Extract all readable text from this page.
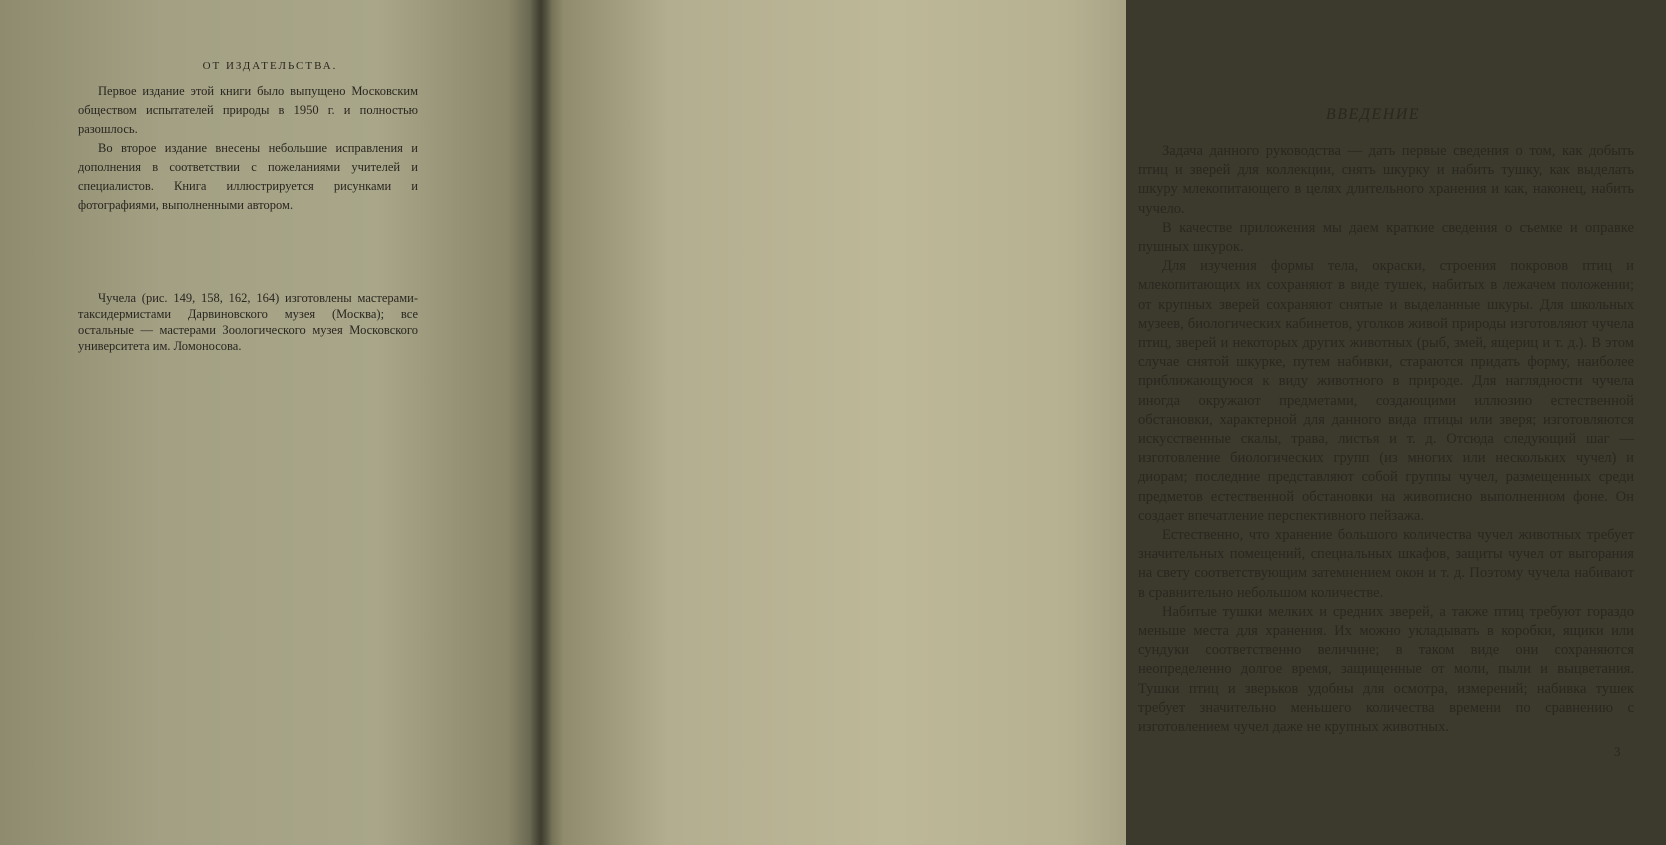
ОТ ИЗДАТЕЛЬСТВА.

Первое издание этой книги было выпущено Московским обществом испытателей природы в 1950 г. и полностью разошлось.

Во второе издание внесены небольшие исправления и дополнения в соответствии с пожеланиями учителей и специалистов. Книга иллюстрируется рисунками и фотографиями, выполненными автором.

Чучела (рис. 149, 158, 162, 164) изготовлены мастерами-таксидермистами Дарвиновского музея (Москва); все остальные — мастерами Зоологического музея Московского университета им. Ломоносова.

ВВЕДЕНИЕ

Задача данного руководства — дать первые сведения о том, как добыть птиц и зверей для коллекции, снять шкурку и набить тушку, как выделать шкуру млекопитающего в целях длительного хранения и как, наконец, набить чучело.

В качестве приложения мы даем краткие сведения о съемке и оправке пушных шкурок.

Для изучения формы тела, окраски, строения покровов птиц и млекопитающих их сохраняют в виде тушек, набитых в лежачем положении; от крупных зверей сохраняют снятые и выделанные шкуры. Для школьных музеев, биологических кабинетов, уголков живой природы изготовляют чучела птиц, зверей и некоторых других животных (рыб, змей, ящериц и т. д.). В этом случае снятой шкурке, путем набивки, стараются придать форму, наиболее приближающуюся к виду животного в природе. Для наглядности чучела иногда окружают предметами, создающими иллюзию естественной обстановки, характерной для данного вида птицы или зверя; изготовляются искусственные скалы, трава, листья и т. д. Отсюда следующий шаг — изготовление биологических групп (из многих или нескольких чучел) и диорам; последние представляют собой группы чучел, размещенных среди предметов естественной обстановки на живописно выполненном фоне. Он создает впечатление перспективного пейзажа.

Естественно, что хранение большого количества чучел животных требует значительных помещений, специальных шкафов, защиты чучел от выгорания на свету соответствующим затемнением окон и т. д. Поэтому чучела набивают в сравнительно небольшом количестве.

Набитые тушки мелких и средних зверей, а также птиц требуют гораздо меньше места для хранения. Их можно укладывать в коробки, ящики или сундуки соответственно величине; в таком виде они сохраняются неопределенно долгое время, защищенные от моли, пыли и выцветания. Тушки птиц и зверьков удобны для осмотра, измерений; набивка тушек требует значительно меньшего количества времени по сравнению с изготовлением чучел даже не крупных животных.

3
